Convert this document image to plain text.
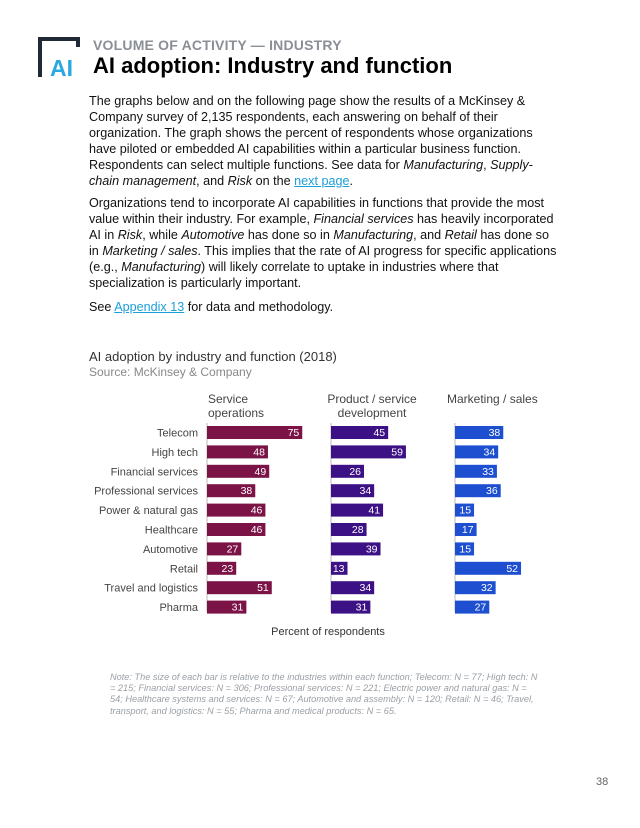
AI
VOLUME OF ACTIVITY — INDUSTRY
AI adoption: Industry and function

The graphs below and on the following page show the results of a McKinsey & Company survey of 2,135 respondents, each answering on behalf of their organization. The graph shows the percent of respondents whose organizations have piloted or embedded AI capabilities within a particular business function. Respondents can select multiple functions. See data for Manufacturing, Supply-chain management, and Risk on the next page.

Organizations tend to incorporate AI capabilities in functions that provide the most value within their industry. For example, Financial services has heavily incorporated AI in Risk, while Automotive has done so in Manufacturing, and Retail has done so in Marketing / sales. This implies that the rate of AI progress for specific applications (e.g., Manufacturing) will likely correlate to uptake in industries where that specialization is particularly important.

See Appendix 13 for data and methodology.

AI adoption by industry and function (2018)
Source: McKinsey & Company
Service
operations
Product / service
development
Marketing / sales
Telecom
High tech
Financial services
Professional services
Power & natural gas
Healthcare
Automotive
Retail
Travel and logistics
Pharma
75
48
49
38
46
46
27
23
51
31
45
59
26
34
41
28
39
13
34
31
38
34
33
36
15
17
15
52
32
27
Percent of respondents
Note: The size of each bar is relative to the industries within each function; Telecom: N = 77; High tech: N = 215; Financial services: N = 306; Professional services: N = 221; Electric power and natural gas: N = 54; Healthcare systems and services: N = 67; Automotive and assembly: N = 120; Retail: N = 46; Travel, transport, and logistics: N = 55; Pharma and medical products: N = 65.
38
